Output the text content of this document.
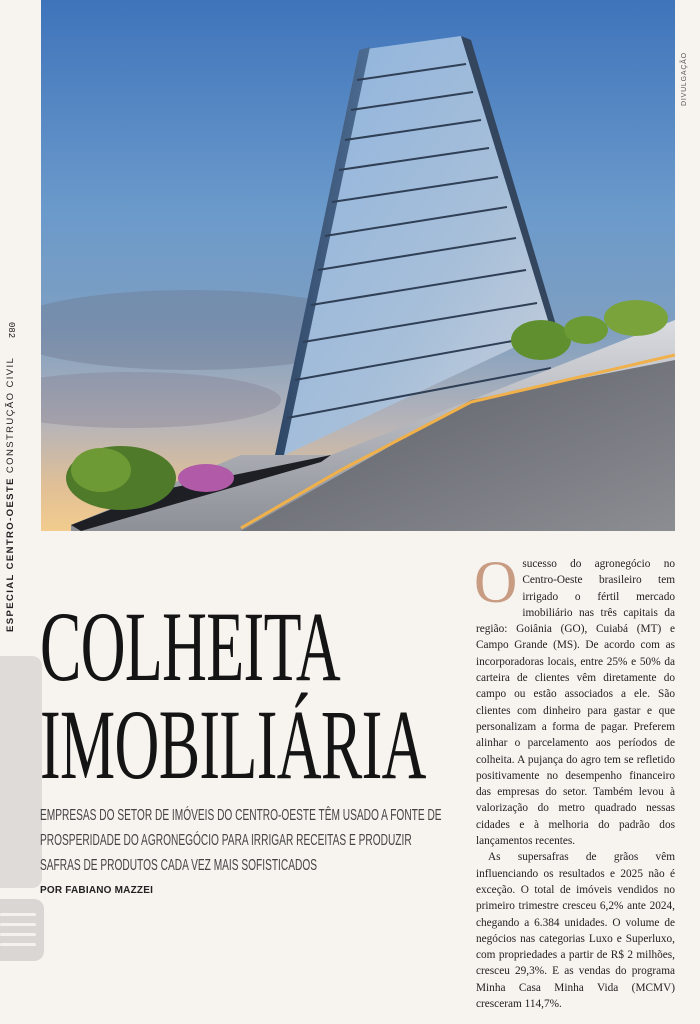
DIVULGAÇÃO
082
ESPECIAL CENTRO-OESTE CONSTRUÇÃO CIVIL
COLHEITA
IMOBILIÁRIA
EMPRESAS DO SETOR DE IMÓVEIS DO CENTRO-OESTE TÊM USADO A FONTE DE PROSPERIDADE DO AGRONEGÓCIO PARA IRRIGAR RECEITAS E PRODUZIR SAFRAS DE PRODUTOS CADA VEZ MAIS SOFISTICADOS
POR FABIANO MAZZEI

Osucesso do agronegócio no Centro-Oeste brasileiro tem irrigado o fértil mercado imobiliário nas três capitais da região: Goiânia (GO), Cuiabá (MT) e Campo Grande (MS). De acordo com as incorporadoras locais, entre 25% e 50% da carteira de clientes vêm diretamente do campo ou estão associados a ele. São clientes com dinheiro para gastar e que personalizam a forma de pagar. Preferem alinhar o parcelamento aos períodos de colheita. A pujança do agro tem se refletido positivamente no desempenho financeiro das empresas do setor. Também levou à valorização do metro quadrado nessas cidades e à melhoria do padrão dos lançamentos recentes.

As supersafras de grãos vêm influenciando os resultados e 2025 não é exceção. O total de imóveis vendidos no primeiro trimestre cresceu 6,2% ante 2024, chegando a 6.384 unidades. O volume de negócios nas categorias Luxo e Superluxo, com propriedades a partir de R$ 2 milhões, cresceu 29,3%. E as vendas do programa Minha Casa Minha Vida (MCMV) cresceram 114,7%.
